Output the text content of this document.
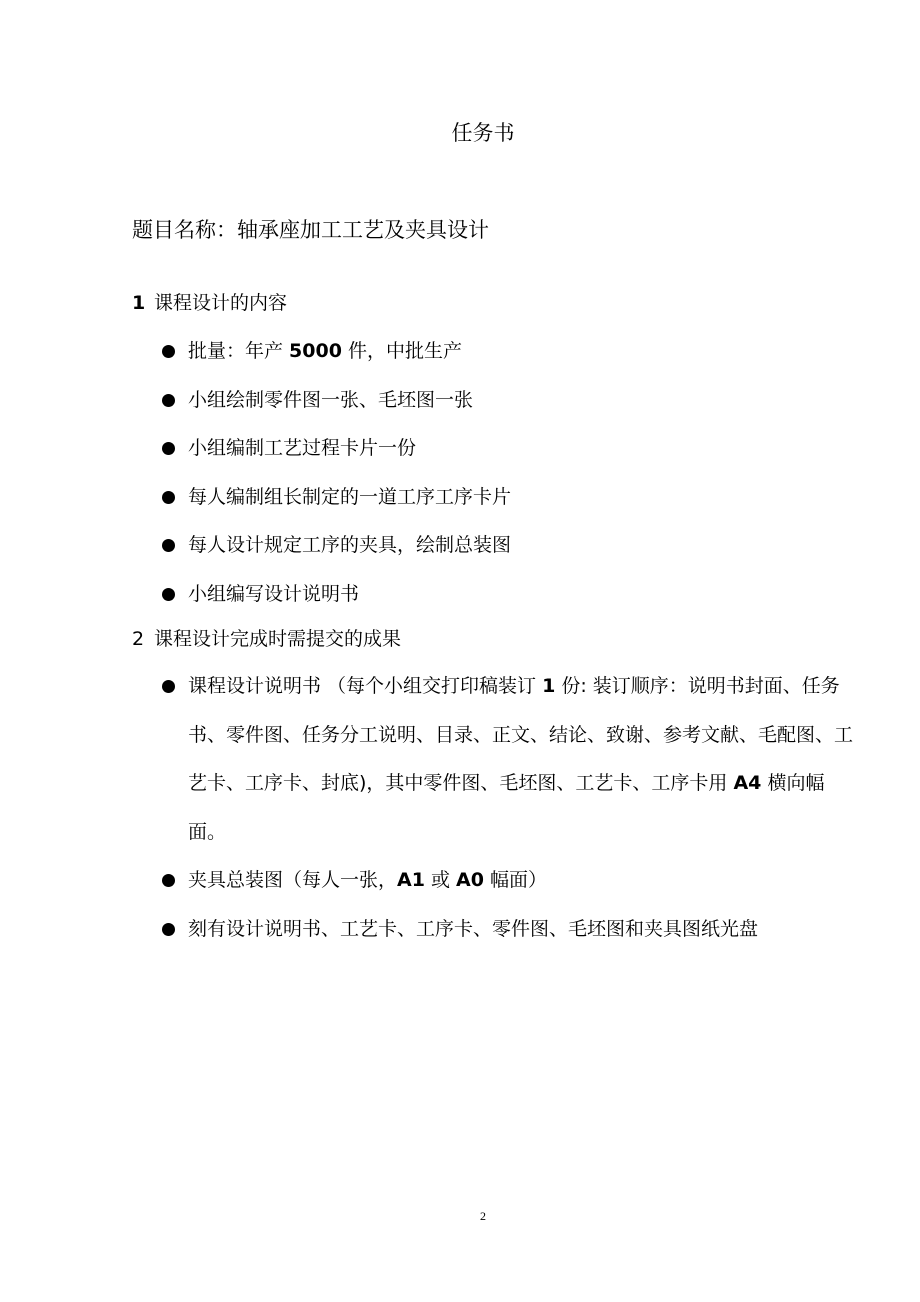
任务书
题目名称：轴承座加工工艺及夹具设计
1 课程设计的内容
批量：年产 5000 件，中批生产
小组绘制零件图一张、毛坯图一张
小组编制工艺过程卡片一份
每人编制组长制定的一道工序工序卡片
每人设计规定工序的夹具，绘制总装图
小组编写设计说明书
2 课程设计完成时需提交的成果
课程设计说明书 （每个小组交打印稿装订 1 份: 装订顺序：说明书封面、任务书、零件图、任务分工说明、目录、正文、结论、致谢、参考文献、毛配图、工艺卡、工序卡、封底)，其中零件图、毛坯图、工艺卡、工序卡用 A4 横向幅面。
夹具总装图（每人一张，A1 或 A0 幅面）
刻有设计说明书、工艺卡、工序卡、零件图、毛坯图和夹具图纸光盘
2
